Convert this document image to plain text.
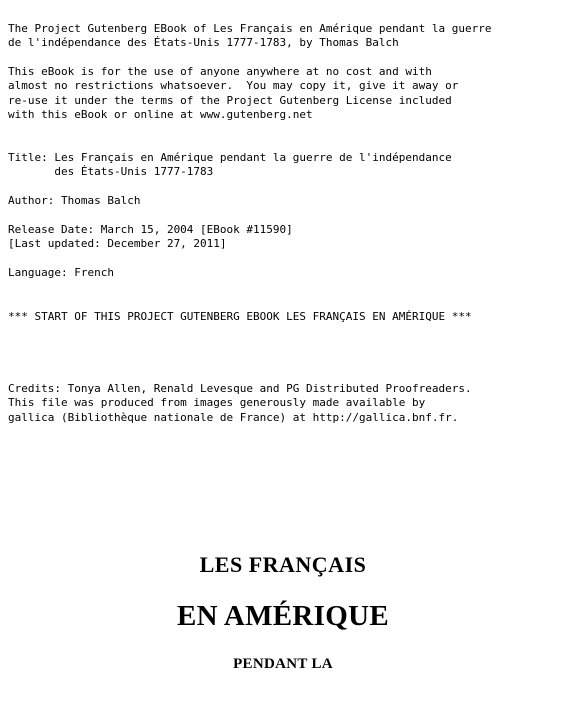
The Project Gutenberg EBook of Les Français en Amérique pendant la guerre

de l'indépendance des États-Unis 1777-1783, by Thomas Balch

This eBook is for the use of anyone anywhere at no cost and with

almost no restrictions whatsoever.  You may copy it, give it away or

re-use it under the terms of the Project Gutenberg License included

with this eBook or online at www.gutenberg.net

Title: Les Français en Amérique pendant la guerre de l'indépendance

des États-Unis 1777-1783

Author: Thomas Balch

Release Date: March 15, 2004 [EBook #11590]

[Last updated: December 27, 2011]

Language: French

*** START OF THIS PROJECT GUTENBERG EBOOK LES FRANÇAIS EN AMÉRIQUE ***

Credits: Tonya Allen, Renald Levesque and PG Distributed Proofreaders.

This file was produced from images generously made available by

gallica (Bibliothèque nationale de France) at http://gallica.bnf.fr.

LES FRANÇAIS
EN AMÉRIQUE
PENDANT LA
